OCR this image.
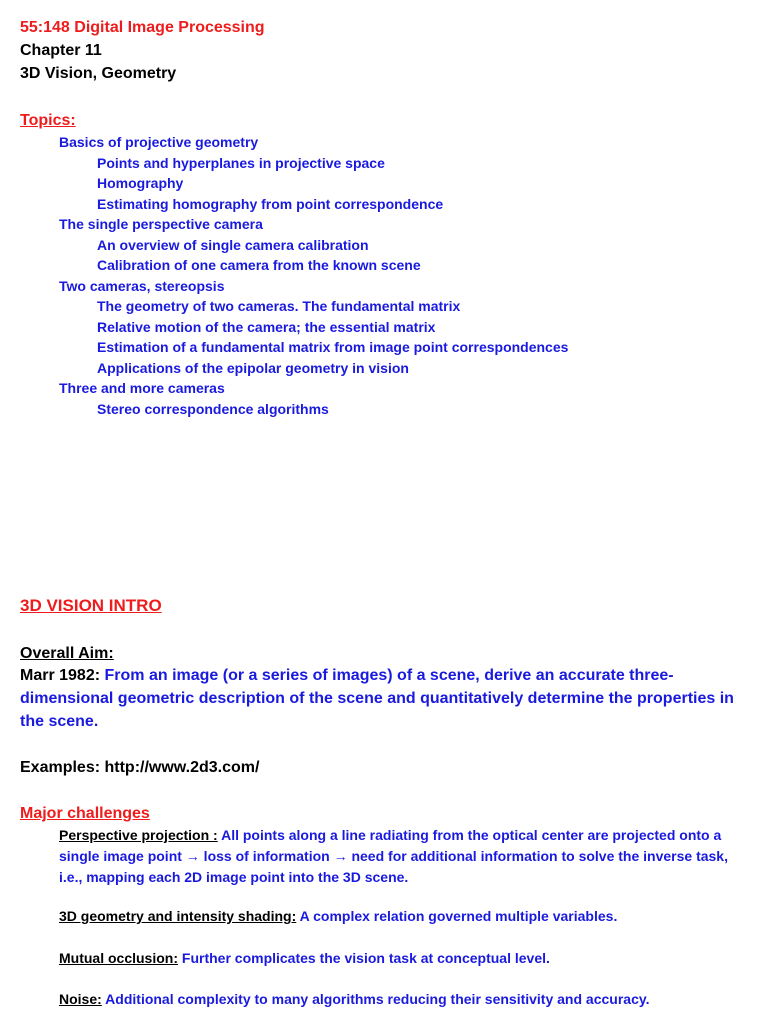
55:148 Digital Image Processing
Chapter 11
3D Vision, Geometry
Topics:
Basics of projective geometry
Points and hyperplanes in projective space
Homography
Estimating homography from point correspondence
The single perspective camera
An overview of single camera calibration
Calibration of one camera from the known scene
Two cameras, stereopsis
The geometry of two cameras. The fundamental matrix
Relative motion of the camera; the essential matrix
Estimation of a fundamental matrix from image point correspondences
Applications of the epipolar geometry in vision
Three and more cameras
Stereo correspondence algorithms
3D VISION INTRO
Overall Aim:
Marr 1982: From an image (or a series of images) of a scene, derive an accurate three-dimensional geometric description of the scene and quantitatively determine the properties in the scene.
Examples: http://www.2d3.com/
Major challenges
Perspective projection : All points along a line radiating from the optical center are projected onto a single image point → loss of information → need for additional information to solve the inverse task, i.e., mapping each 2D image point into the 3D scene.
3D geometry and intensity shading: A complex relation governed multiple variables.
Mutual occlusion: Further complicates the vision task at conceptual level.
Noise: Additional complexity to many algorithms reducing their sensitivity and accuracy.
